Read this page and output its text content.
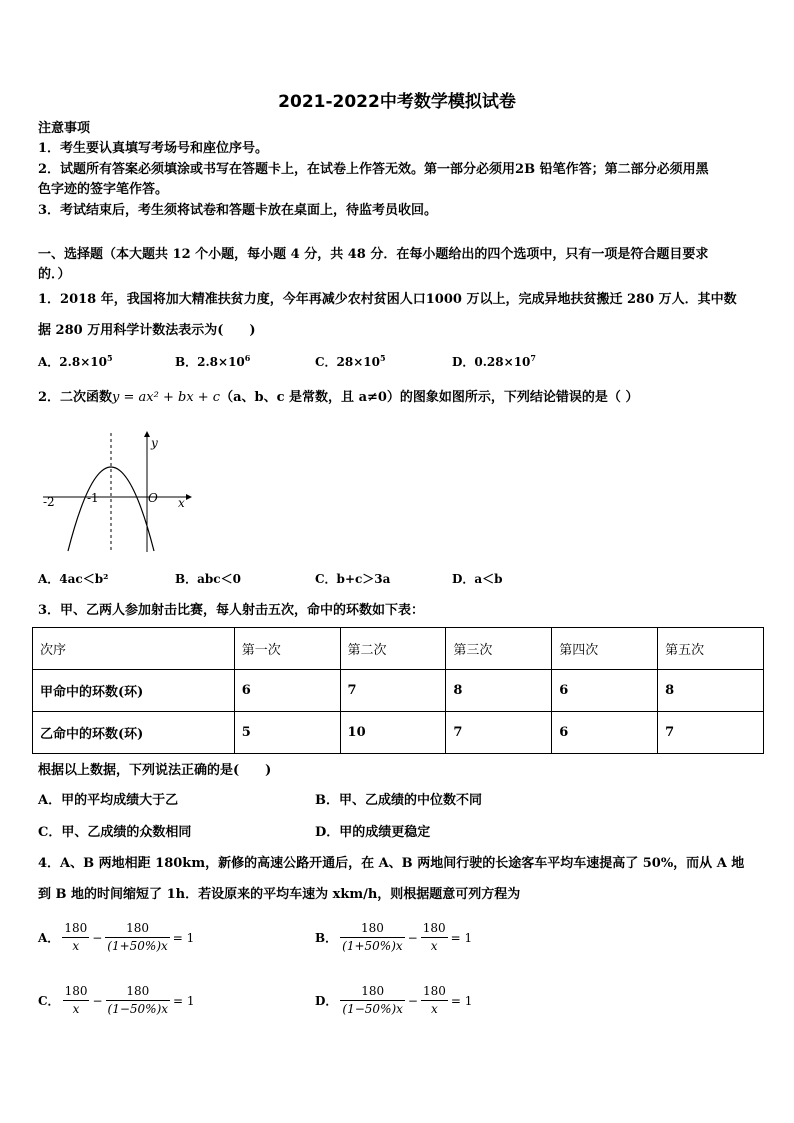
2021-2022中考数学模拟试卷
注意事项
1．考生要认真填写考场号和座位序号。
2．试题所有答案必须填涂或书写在答题卡上，在试卷上作答无效。第一部分必须用2B 铅笔作答；第二部分必须用黑
色字迹的签字笔作答。
3．考试结束后，考生须将试卷和答题卡放在桌面上，待监考员收回。
一、选择题（本大题共 12 个小题，每小题 4 分，共 48 分．在每小题给出的四个选项中，只有一项是符合题目要求
的．）
1．2018 年，我国将加大精准扶贫力度，今年再减少农村贫困人口1000 万以上，完成异地扶贫搬迁 280 万人．其中数
据 280 万用科学计数法表示为(　　)
A．$2.8\times 10^5$	B．$2.8\times 10^6$	C．$28\times 10^5$	D．$0.28\times 10^7$
2．二次函数y = ax² + bx + c（a、b、c 是常数，且 a≠0）的图象如图所示，下列结论错误的是（ ）
y
x
O
-2	-1
A．4ac＜b²	B．abc＜0	C．b+c＞3a	D．a＜b
3．甲、乙两人参加射击比赛，每人射击五次，命中的环数如下表：
次序	第一次	第二次	第三次	第四次	第五次
甲命中的环数(环)	6	7	8	6	8
乙命中的环数(环)	5	10	7	6	7
根据以上数据，下列说法正确的是(　　)
A．甲的平均成绩大于乙	B．甲、乙成绩的中位数不同
C．甲、乙成绩的众数相同	D．甲的成绩更稳定
4．A、B 两地相距 180km，新修的高速公路开通后，在 A、B 两地间行驶的长途客车平均车速提高了 50%，而从 A 地
到 B 地的时间缩短了 1h．若设原来的平均车速为 xkm/h，则根据题意可列方程为
A． $\frac{180}{x} - \frac{180}{(1+50\%)x} = 1$	B． $\frac{180}{(1+50\%)x} - \frac{180}{x} = 1$
C． $\frac{180}{x} - \frac{180}{(1-50\%)x} = 1$	D． $\frac{180}{(1-50\%)x} - \frac{180}{x} = 1$
